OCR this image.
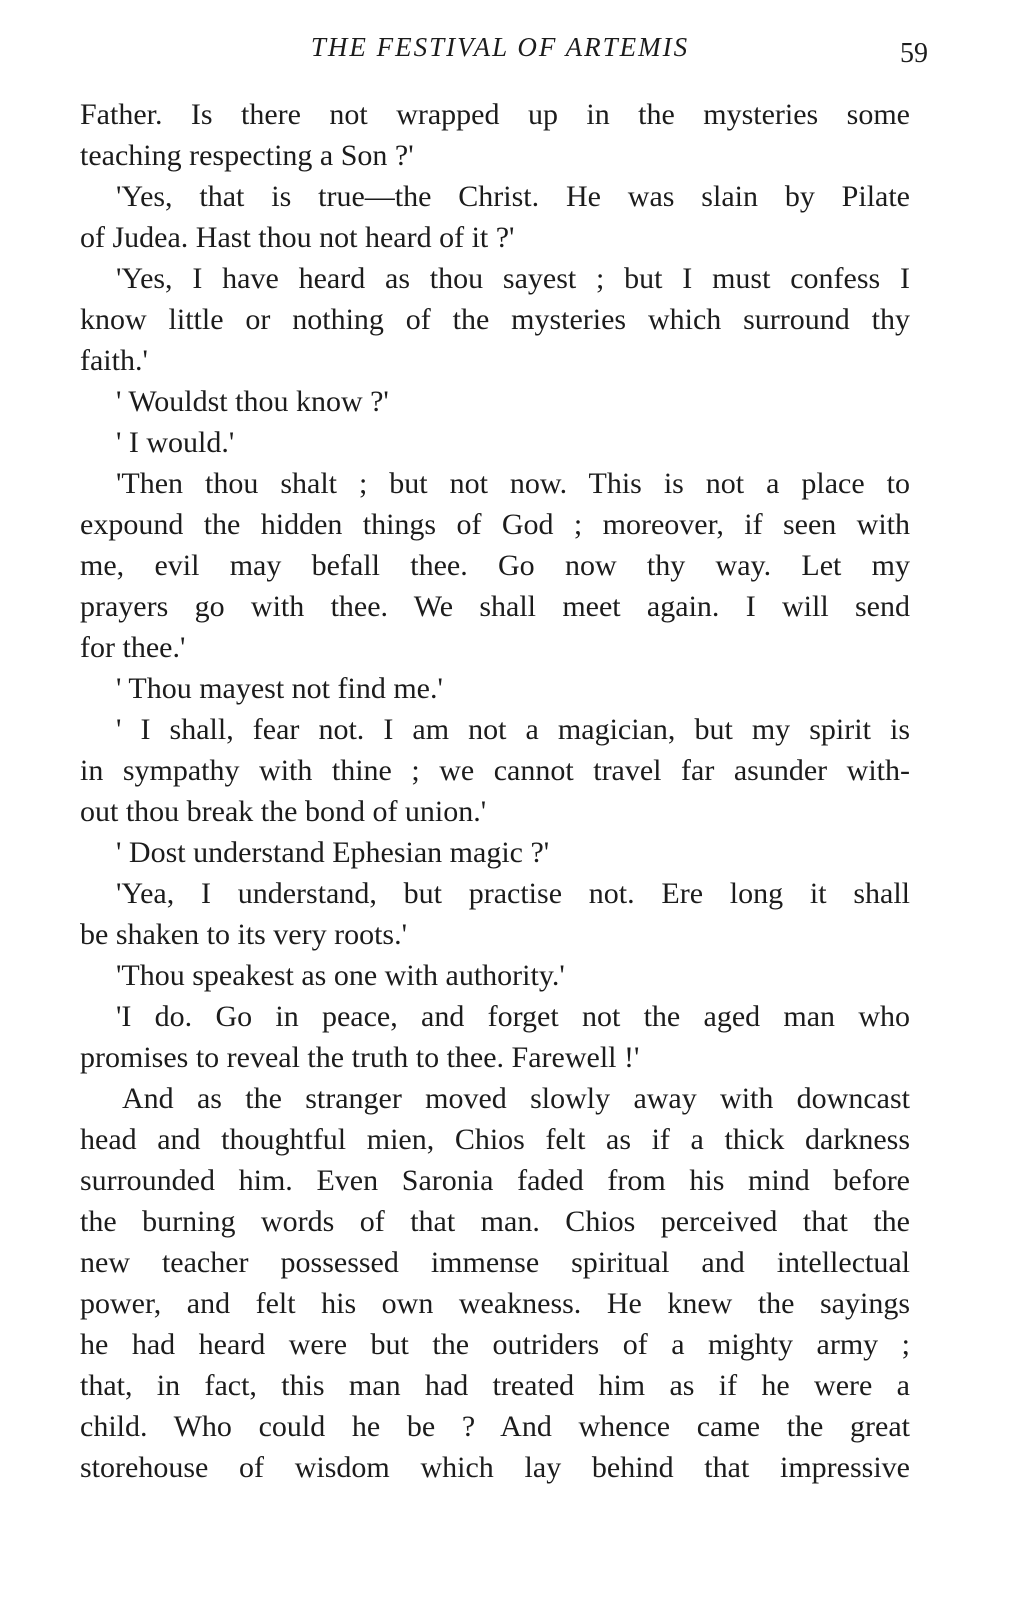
THE FESTIVAL OF ARTEMIS	59
Father. Is there not wrapped up in the mysteries some
teaching respecting a Son ?'
'Yes, that is true—the Christ. He was slain by Pilate
of Judea. Hast thou not heard of it ?'
'Yes, I have heard as thou sayest ; but I must confess I
know little or nothing of the mysteries which surround thy
faith.'
' Wouldst thou know ?'
' I would.'
'Then thou shalt ; but not now. This is not a place to
expound the hidden things of God ; moreover, if seen with
me, evil may befall thee. Go now thy way. Let my
prayers go with thee. We shall meet again. I will send
for thee.'
' Thou mayest not find me.'
' I shall, fear not. I am not a magician, but my spirit is
in sympathy with thine ; we cannot travel far asunder with-
out thou break the bond of union.'
' Dost understand Ephesian magic ?'
'Yea, I understand, but practise not. Ere long it shall
be shaken to its very roots.'
'Thou speakest as one with authority.'
'I do. Go in peace, and forget not the aged man who
promises to reveal the truth to thee. Farewell !'
And as the stranger moved slowly away with downcast
head and thoughtful mien, Chios felt as if a thick darkness
surrounded him. Even Saronia faded from his mind before
the burning words of that man. Chios perceived that the
new teacher possessed immense spiritual and intellectual
power, and felt his own weakness. He knew the sayings
he had heard were but the outriders of a mighty army ;
that, in fact, this man had treated him as if he were a
child. Who could he be ? And whence came the great
storehouse of wisdom which lay behind that impressive
